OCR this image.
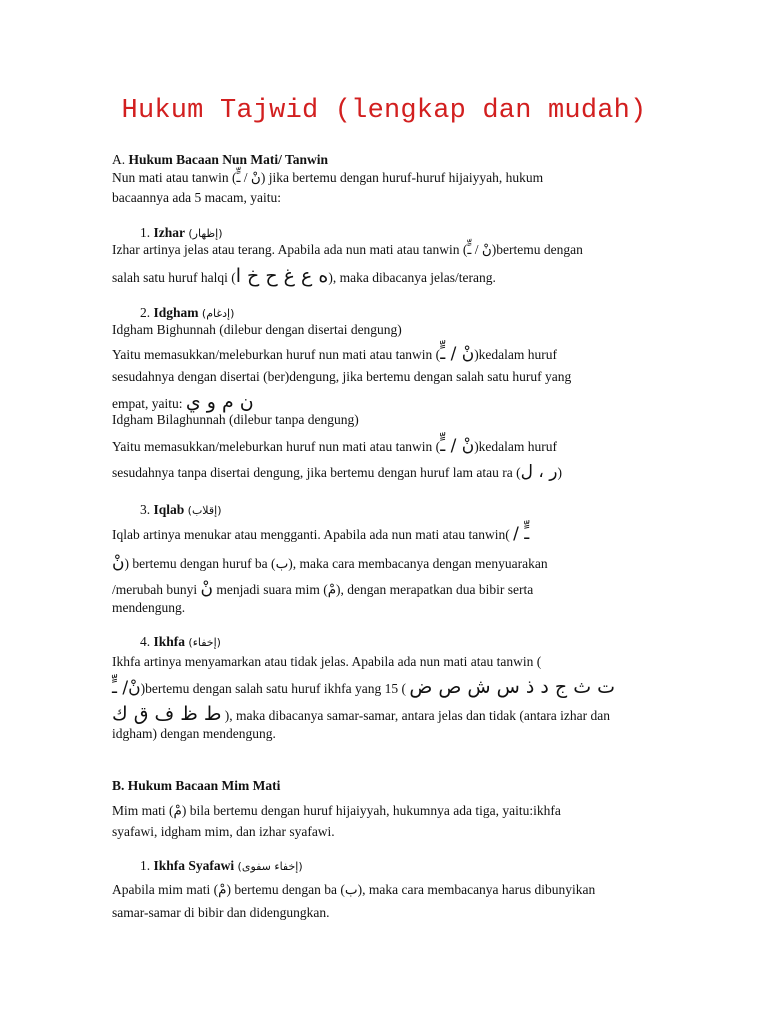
Hukum Tajwid (lengkap dan mudah)
A. Hukum Bacaan Nun Mati/ Tanwin
Nun mati atau tanwin (نْ / ـٍّ) jika bertemu dengan huruf-huruf hijaiyyah, hukum
bacaannya ada 5 macam, yaitu:
1. Izhar (إظهار)
Izhar artinya jelas atau terang. Apabila ada nun mati atau tanwin (نْ / ـٍّ)bertemu dengan
salah satu huruf halqi (ه ع غ ح خ ا), maka dibacanya jelas/terang.
2. Idgham (إدغام)
Idgham Bighunnah (dilebur dengan disertai dengung)
Yaitu memasukkan/meleburkan huruf nun mati atau tanwin (نْ / ـٍّ)kedalam huruf
sesudahnya dengan disertai (ber)dengung, jika bertemu dengan salah satu huruf yang
empat, yaitu: ن م و ي
Idgham Bilaghunnah (dilebur tanpa dengung)
Yaitu memasukkan/meleburkan huruf nun mati atau tanwin (نْ / ـٍّ)kedalam huruf
sesudahnya tanpa disertai dengung, jika bertemu dengan huruf lam atau ra (ر ، ل)
3. Iqlab (إقلاب)
Iqlab artinya menukar atau mengganti. Apabila ada nun mati atau tanwin( / ـٍّ
نْ) bertemu dengan huruf ba (ب), maka cara membacanya dengan menyuarakan
/merubah bunyi نْ menjadi suara mim (مْ), dengan merapatkan dua bibir serta
mendengung.
4. Ikhfa (إخفاء)
Ikhfa artinya menyamarkan atau tidak jelas. Apabila ada nun mati atau tanwin (
نْ/ ـٍّ)bertemu dengan salah satu huruf ikhfa yang 15 ( ت ث ج د ذ س ش ص ض
ط ظ ف ق ك ), maka dibacanya samar-samar, antara jelas dan tidak (antara izhar dan
idgham) dengan mendengung.
B. Hukum Bacaan Mim Mati
Mim mati (مْ) bila bertemu dengan huruf hijaiyyah, hukumnya ada tiga, yaitu:ikhfa
syafawi, idgham mim, dan izhar syafawi.
1. Ikhfa Syafawi (إخفاء سفوى)
Apabila mim mati (مْ) bertemu dengan ba (ب), maka cara membacanya harus dibunyikan
samar-samar di bibir dan didengungkan.
